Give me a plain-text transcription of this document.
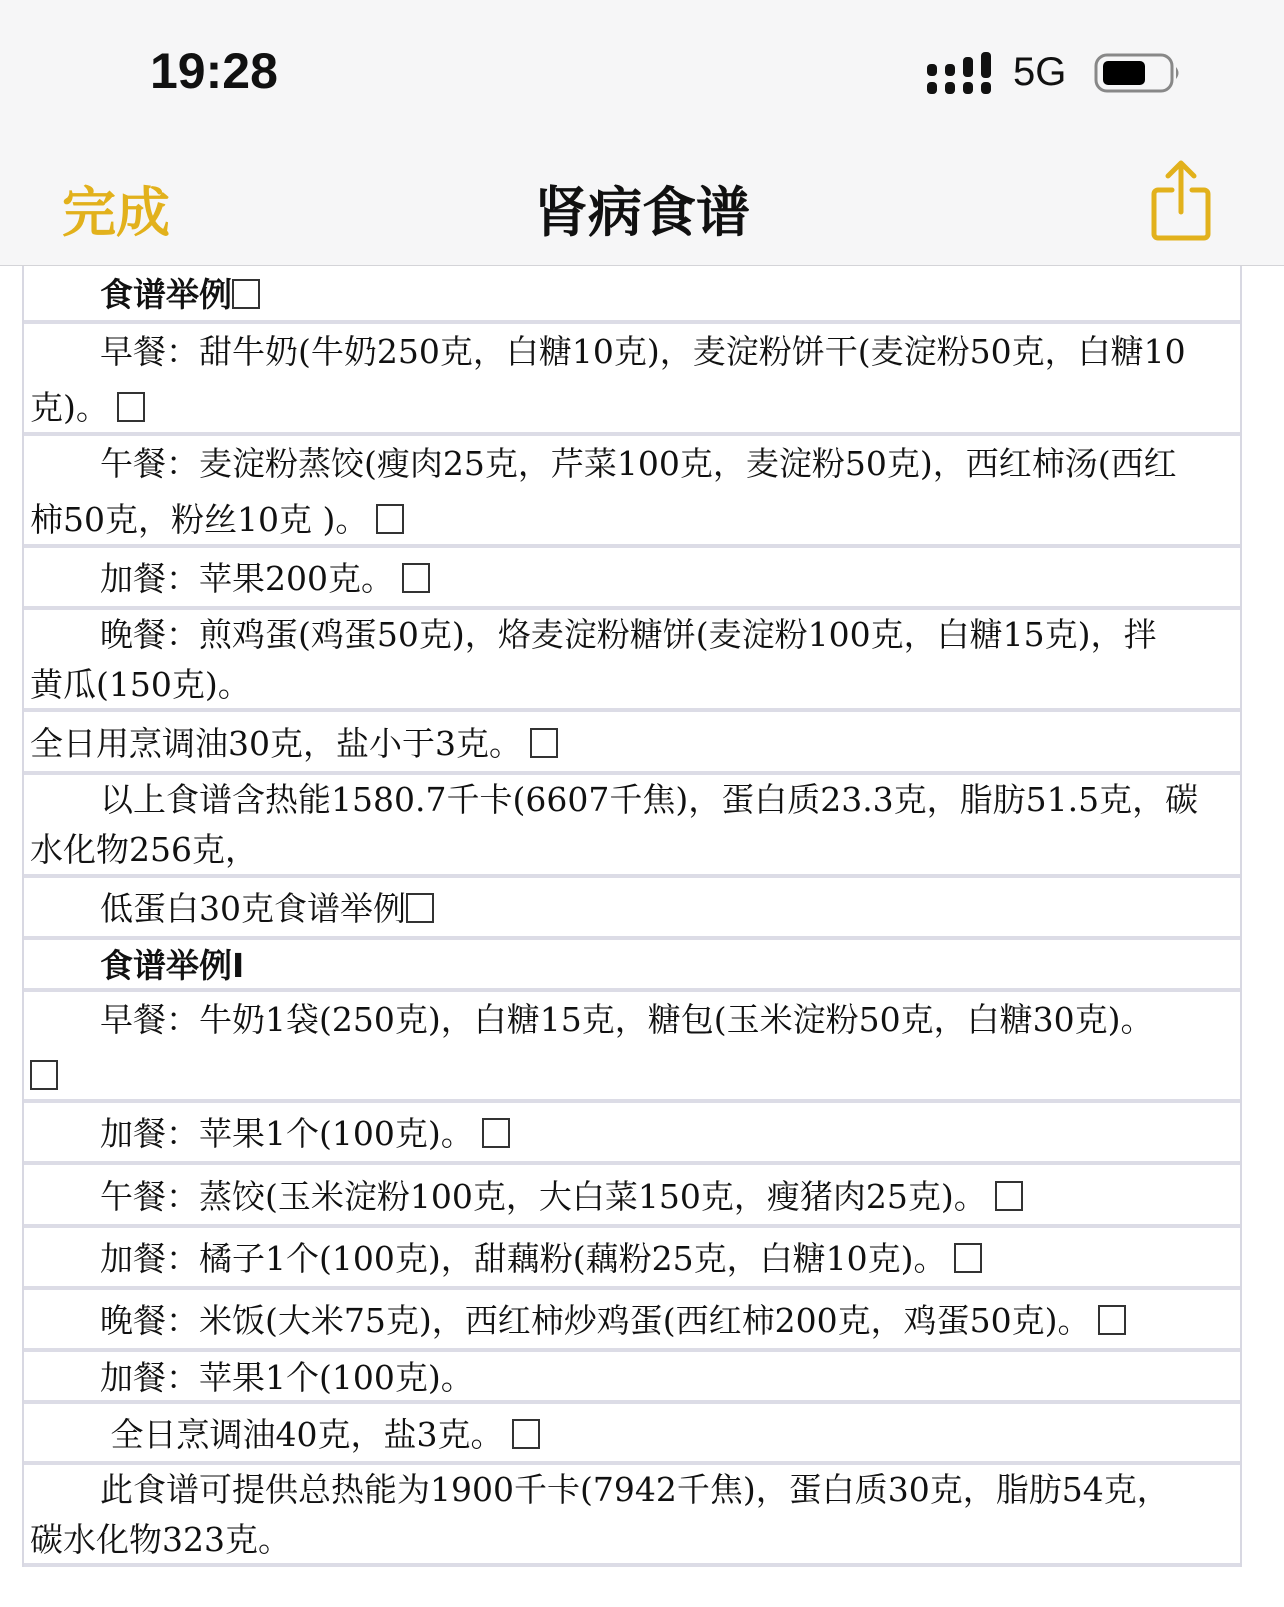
19:28	5G
完成	肾病食谱
食谱举例
早餐：甜牛奶(牛奶250克，白糖10克)，麦淀粉饼干(麦淀粉50克，白糖10
克)。
午餐：麦淀粉蒸饺(瘦肉25克，芹菜100克，麦淀粉50克)，西红柿汤(西红
柿50克，粉丝10克 )。
加餐：苹果200克。
晚餐：煎鸡蛋(鸡蛋50克)，烙麦淀粉糖饼(麦淀粉100克，白糖15克)，拌
黄瓜(150克)。
全日用烹调油30克，盐小于3克。
以上食谱含热能1580.7千卡(6607千焦)，蛋白质23.3克，脂肪51.5克，碳
水化物256克，
低蛋白30克食谱举例
食谱举例I
早餐：牛奶1袋(250克)，白糖15克，糖包(玉米淀粉50克，白糖30克)。
加餐：苹果1个(100克)。
午餐：蒸饺(玉米淀粉100克，大白菜150克，瘦猪肉25克)。
加餐：橘子1个(100克)，甜藕粉(藕粉25克，白糖10克)。
晚餐：米饭(大米75克)，西红柿炒鸡蛋(西红柿200克，鸡蛋50克)。
加餐：苹果1个(100克)。
全日烹调油40克，盐3克。
此食谱可提供总热能为1900千卡(7942千焦)，蛋白质30克，脂肪54克，
碳水化物323克。
